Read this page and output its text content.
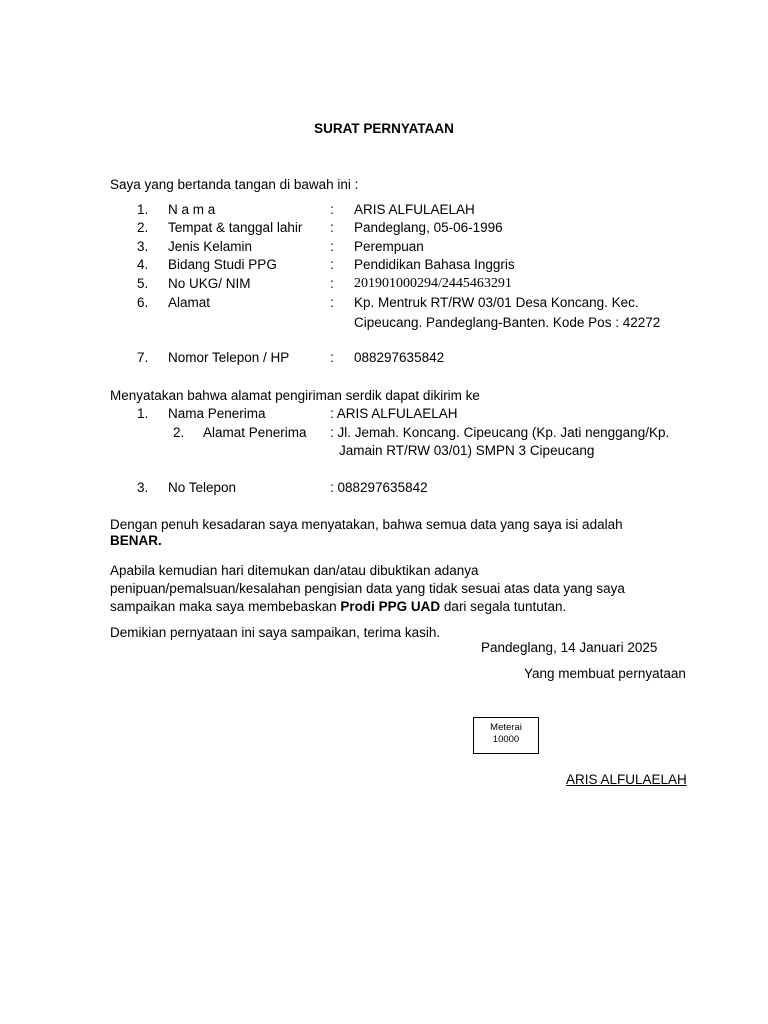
SURAT PERNYATAAN
Saya yang bertanda tangan di bawah ini :
1. N a m a	: ARIS ALFULAELAH
2. Tempat & tanggal lahir : Pandeglang, 05-06-1996
3. Jenis Kelamin	: Perempuan
4. Bidang Studi PPG	: Pendidikan Bahasa Inggris
5. No UKG/ NIM	: 201901000294/2445463291
6. Alamat	: Kp. Mentruk RT/RW 03/01 Desa Koncang. Kec.
Cipeucang. Pandeglang-Banten. Kode Pos : 42272
7. Nomor Telepon / HP	: 088297635842
Menyatakan bahwa alamat pengiriman serdik dapat dikirim ke
1. Nama Penerima	: ARIS ALFULAELAH
2. Alamat Penerima : Jl. Jemah. Koncang. Cipeucang (Kp. Jati nenggang/Kp.
Jamain RT/RW 03/01) SMPN 3 Cipeucang
3. No Telepon	: 088297635842
Dengan penuh kesadaran saya menyatakan, bahwa semua data yang saya isi adalah
BENAR.
Apabila kemudian hari ditemukan dan/atau dibuktikan adanya penipuan/pemalsuan/kesalahan pengisian data yang tidak sesuai atas data yang saya sampaikan maka saya membebaskan Prodi PPG UAD dari segala tuntutan.
Demikian pernyataan ini saya sampaikan, terima kasih.
Pandeglang, 14 Januari 2025
Yang membuat pernyataan
Meterai
10000
ARIS ALFULAELAH
